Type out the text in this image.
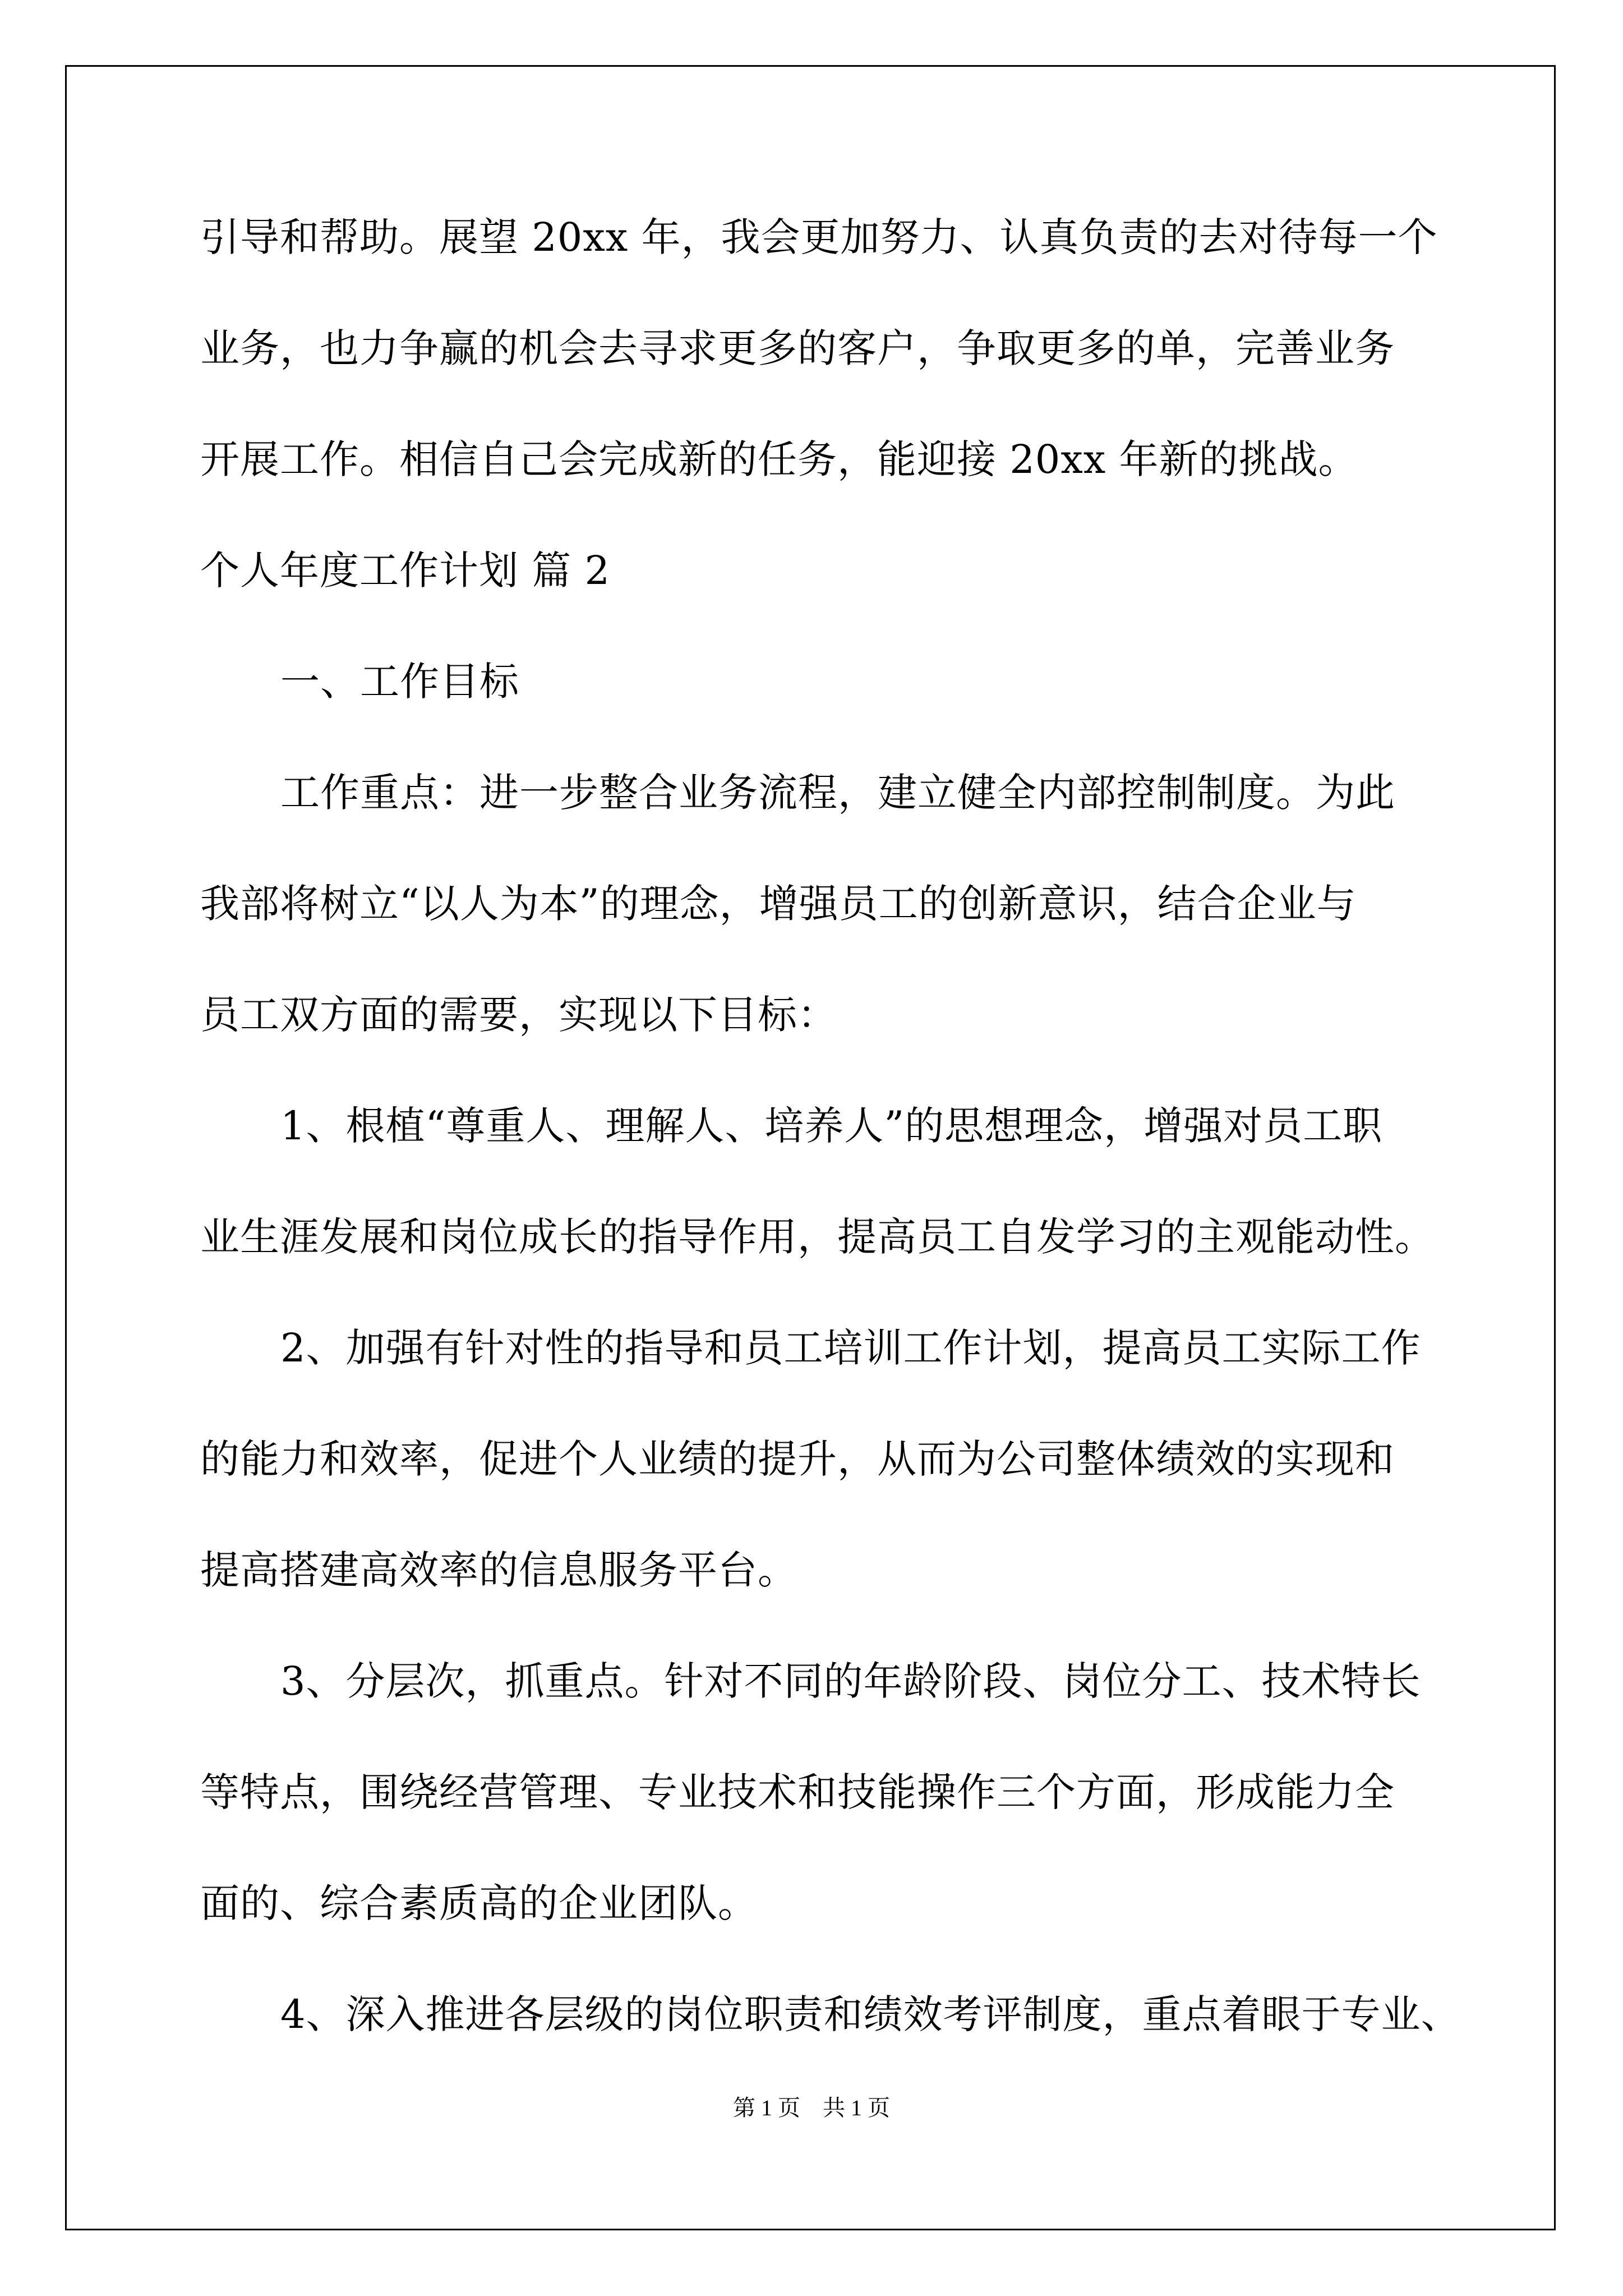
引导和帮助。展望 20xx 年，我会更加努力、认真负责的去对待每一个
业务，也力争赢的机会去寻求更多的客户，争取更多的单，完善业务
开展工作。相信自己会完成新的任务，能迎接 20xx 年新的挑战。
个人年度工作计划 篇 2
一、工作目标
工作重点：进一步整合业务流程，建立健全内部控制制度。为此
我部将树立“以人为本”的理念，增强员工的创新意识，结合企业与
员工双方面的需要，实现以下目标：
1、根植“尊重人、理解人、培养人”的思想理念，增强对员工职
业生涯发展和岗位成长的指导作用，提高员工自发学习的主观能动性。
2、加强有针对性的指导和员工培训工作计划，提高员工实际工作
的能力和效率，促进个人业绩的提升，从而为公司整体绩效的实现和
提高搭建高效率的信息服务平台。
3、分层次，抓重点。针对不同的年龄阶段、岗位分工、技术特长
等特点，围绕经营管理、专业技术和技能操作三个方面，形成能力全
面的、综合素质高的企业团队。
4、深入推进各层级的岗位职责和绩效考评制度，重点着眼于专业、
第 1 页 共 1 页
